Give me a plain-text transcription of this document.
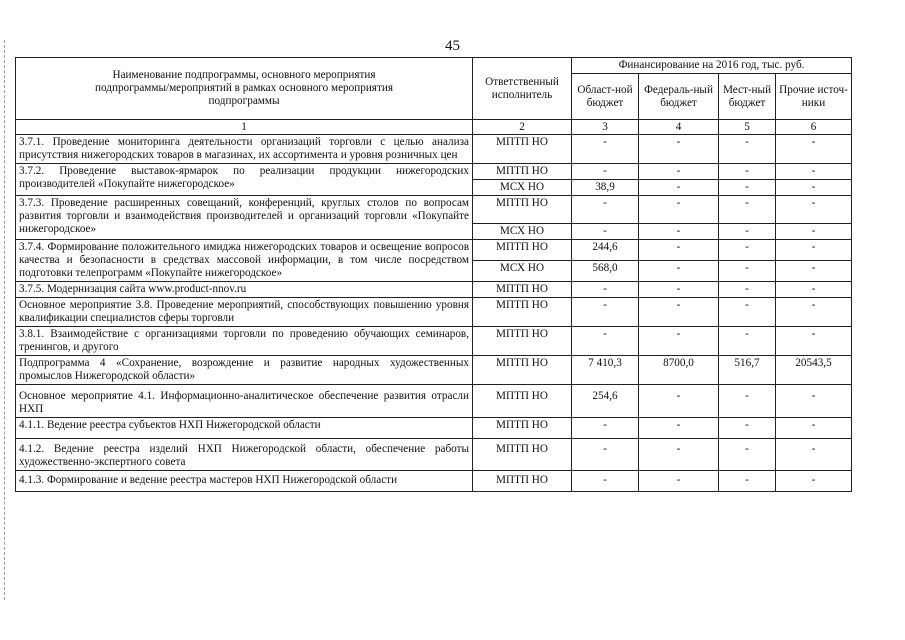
45
Наименование подпрограммы, основного мероприятия подпрограммы/мероприятий в рамках основного мероприятия подпрограммы	Ответственный исполнитель	Финансирование на 2016 год, тыс. руб.			
		Област-ной бюджет	Федераль-ный бюджет	Мест-ный бюджет	Прочие источ-ники
1	2	3	4	5	6
3.7.1. Проведение мониторинга деятельности организаций торговли с целью анализа присутствия нижегородских товаров в магазинах, их ассортимента и уровня розничных цен	МПТП НО	-	-	-	-
3.7.2. Проведение выставок-ярмарок по реализации продукции нижегородских производителей «Покупайте нижегородское»	МПТП НО	-	-	-	-
	МСХ НО	38,9	-	-	-
3.7.3. Проведение расширенных совещаний, конференций, круглых столов по вопросам развития торговли и взаимодействия производителей и организаций торговли «Покупайте нижегородское»	МПТП НО	-	-	-	-
	МСХ НО	-	-	-	-
3.7.4. Формирование положительного имиджа нижегородских товаров и освещение вопросов качества и безопасности в средствах массовой информации, в том числе посредством подготовки телепрограмм «Покупайте нижегородское»	МПТП НО	244,6	-	-	-
	МСХ НО	568,0	-	-	-
3.7.5. Модернизация сайта www.product-nnov.ru	МПТП НО	-	-	-	-
Основное мероприятие 3.8. Проведение мероприятий, способствующих повышению уровня квалификации специалистов сферы торговли	МПТП НО	-	-	-	-
3.8.1. Взаимодействие с организациями торговли по проведению обучающих семинаров, тренингов, и другого	МПТП НО	-	-	-	-
Подпрограмма 4 «Сохранение, возрождение и развитие народных художественных промыслов Нижегородской области»	МПТП НО	7 410,3	8700,0	516,7	20543,5
Основное мероприятие 4.1. Информационно-аналитическое обеспечение развития отрасли НХП	МПТП НО	254,6	-	-	-
4.1.1. Ведение реестра субъектов НХП Нижегородской области	МПТП НО	-	-	-	-
4.1.2. Ведение реестра изделий НХП Нижегородской области, обеспечение работы художественно-экспертного совета	МПТП НО	-	-	-	-
4.1.3. Формирование и ведение реестра мастеров НХП Нижегородской области	МПТП НО	-	-	-	-
